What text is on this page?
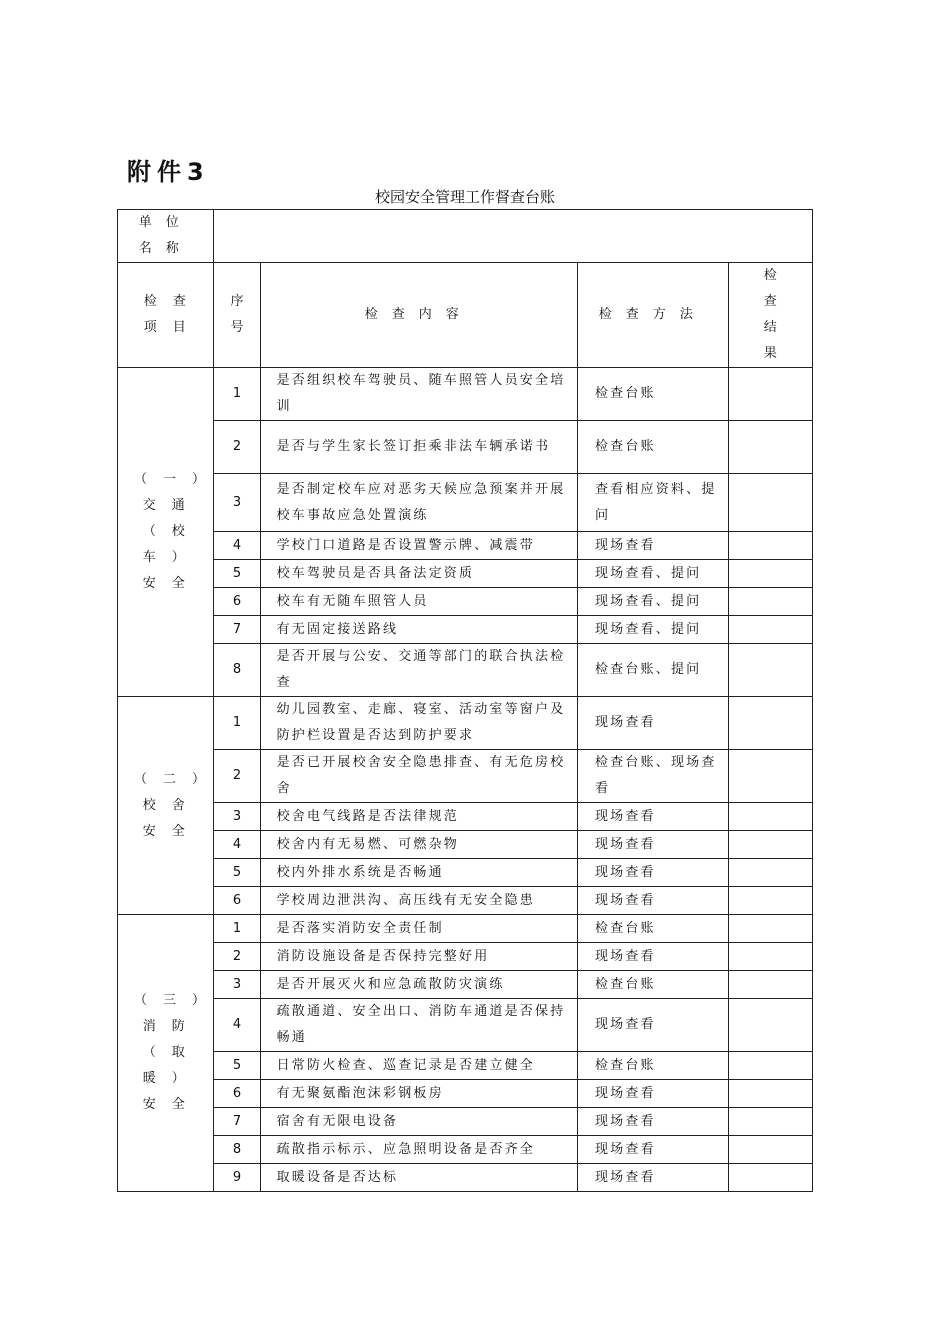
附件3
校园安全管理工作督查台账
单位名称				
检查项目	序号	检查内容	检查方法	检查结果
（一）交通（校车）安全	1	是否组织校车驾驶员、随车照管人员安全培训	检查台账	
	2	是否与学生家长签订拒乘非法车辆承诺书	检查台账	
	3	是否制定校车应对恶劣天候应急预案并开展校车事故应急处置演练	查看相应资料、提问	
	4	学校门口道路是否设置警示牌、减震带	现场查看	
	5	校车驾驶员是否具备法定资质	现场查看、提问	
	6	校车有无随车照管人员	现场查看、提问	
	7	有无固定接送路线	现场查看、提问	
	8	是否开展与公安、交通等部门的联合执法检查	检查台账、提问	
（二）校舍安全	1	幼儿园教室、走廊、寝室、活动室等窗户及防护栏设置是否达到防护要求	现场查看	
	2	是否已开展校舍安全隐患排查、有无危房校舍	检查台账、现场查看	
	3	校舍电气线路是否法律规范	现场查看	
	4	校舍内有无易燃、可燃杂物	现场查看	
	5	校内外排水系统是否畅通	现场查看	
	6	学校周边泄洪沟、高压线有无安全隐患	现场查看	
（三）消防（取暖）安全	1	是否落实消防安全责任制	检查台账	
	2	消防设施设备是否保持完整好用	现场查看	
	3	是否开展灭火和应急疏散防灾演练	检查台账	
	4	疏散通道、安全出口、消防车通道是否保持畅通	现场查看	
	5	日常防火检查、巡查记录是否建立健全	检查台账	
	6	有无聚氨酯泡沫彩钢板房	现场查看	
	7	宿舍有无限电设备	现场查看	
	8	疏散指示标示、应急照明设备是否齐全	现场查看	
	9	取暖设备是否达标	现场查看	
